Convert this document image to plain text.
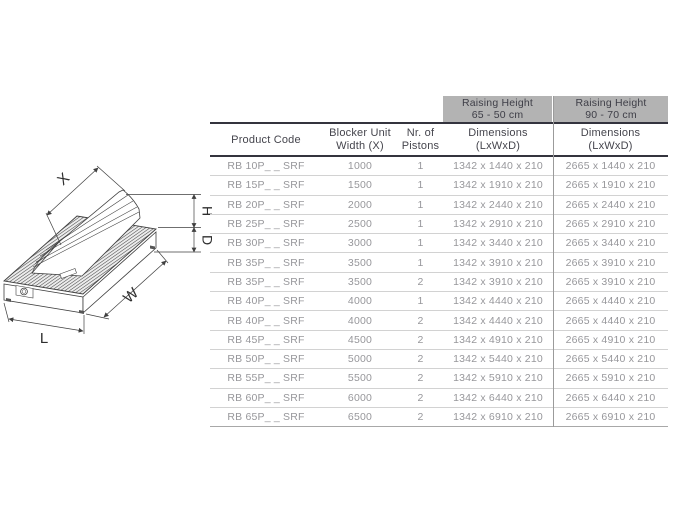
X
H
D
W
L
Raising Height
65 - 50 cm
Raising Height
90 - 70 cm
Product Code
Blocker Unit
Width (X)
Nr. of
Pistons
Dimensions
(LxWxD)
Dimensions
(LxWxD)
RB 10P_ _ SRF	1000	1	1342 x 1440 x 210	2665 x 1440 x 210
RB 15P_ _ SRF	1500	1	1342 x 1910 x 210	2665 x 1910 x 210
RB 20P_ _ SRF	2000	1	1342 x 2440 x 210	2665 x 2440 x 210
RB 25P_ _ SRF	2500	1	1342 x 2910 x 210	2665 x 2910 x 210
RB 30P_ _ SRF	3000	1	1342 x 3440 x 210	2665 x 3440 x 210
RB 35P_ _ SRF	3500	1	1342 x 3910 x 210	2665 x 3910 x 210
RB 35P_ _ SRF	3500	2	1342 x 3910 x 210	2665 x 3910 x 210
RB 40P_ _ SRF	4000	1	1342 x 4440 x 210	2665 x 4440 x 210
RB 40P_ _ SRF	4000	2	1342 x 4440 x 210	2665 x 4440 x 210
RB 45P_ _ SRF	4500	2	1342 x 4910 x 210	2665 x 4910 x 210
RB 50P_ _ SRF	5000	2	1342 x 5440 x 210	2665 x 5440 x 210
RB 55P_ _ SRF	5500	2	1342 x 5910 x 210	2665 x 5910 x 210
RB 60P_ _ SRF	6000	2	1342 x 6440 x 210	2665 x 6440 x 210
RB 65P_ _ SRF	6500	2	1342 x 6910 x 210	2665 x 6910 x 210
